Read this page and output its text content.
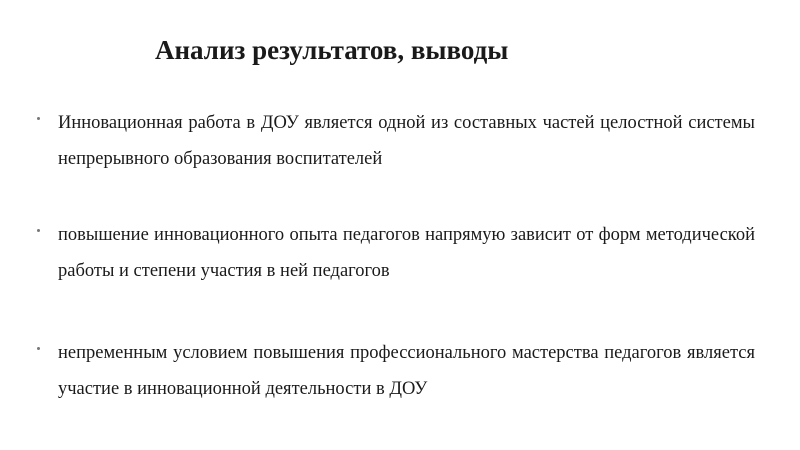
Анализ результатов, выводы
Инновационная работа в ДОУ является одной из составных частей целостной системы непрерывного образования воспитателей
повышение инновационного опыта педагогов напрямую зависит от форм методической работы и степени участия в ней педагогов
непременным условием повышения профессионального мастерства педагогов является участие в инновационной деятельности в ДОУ
